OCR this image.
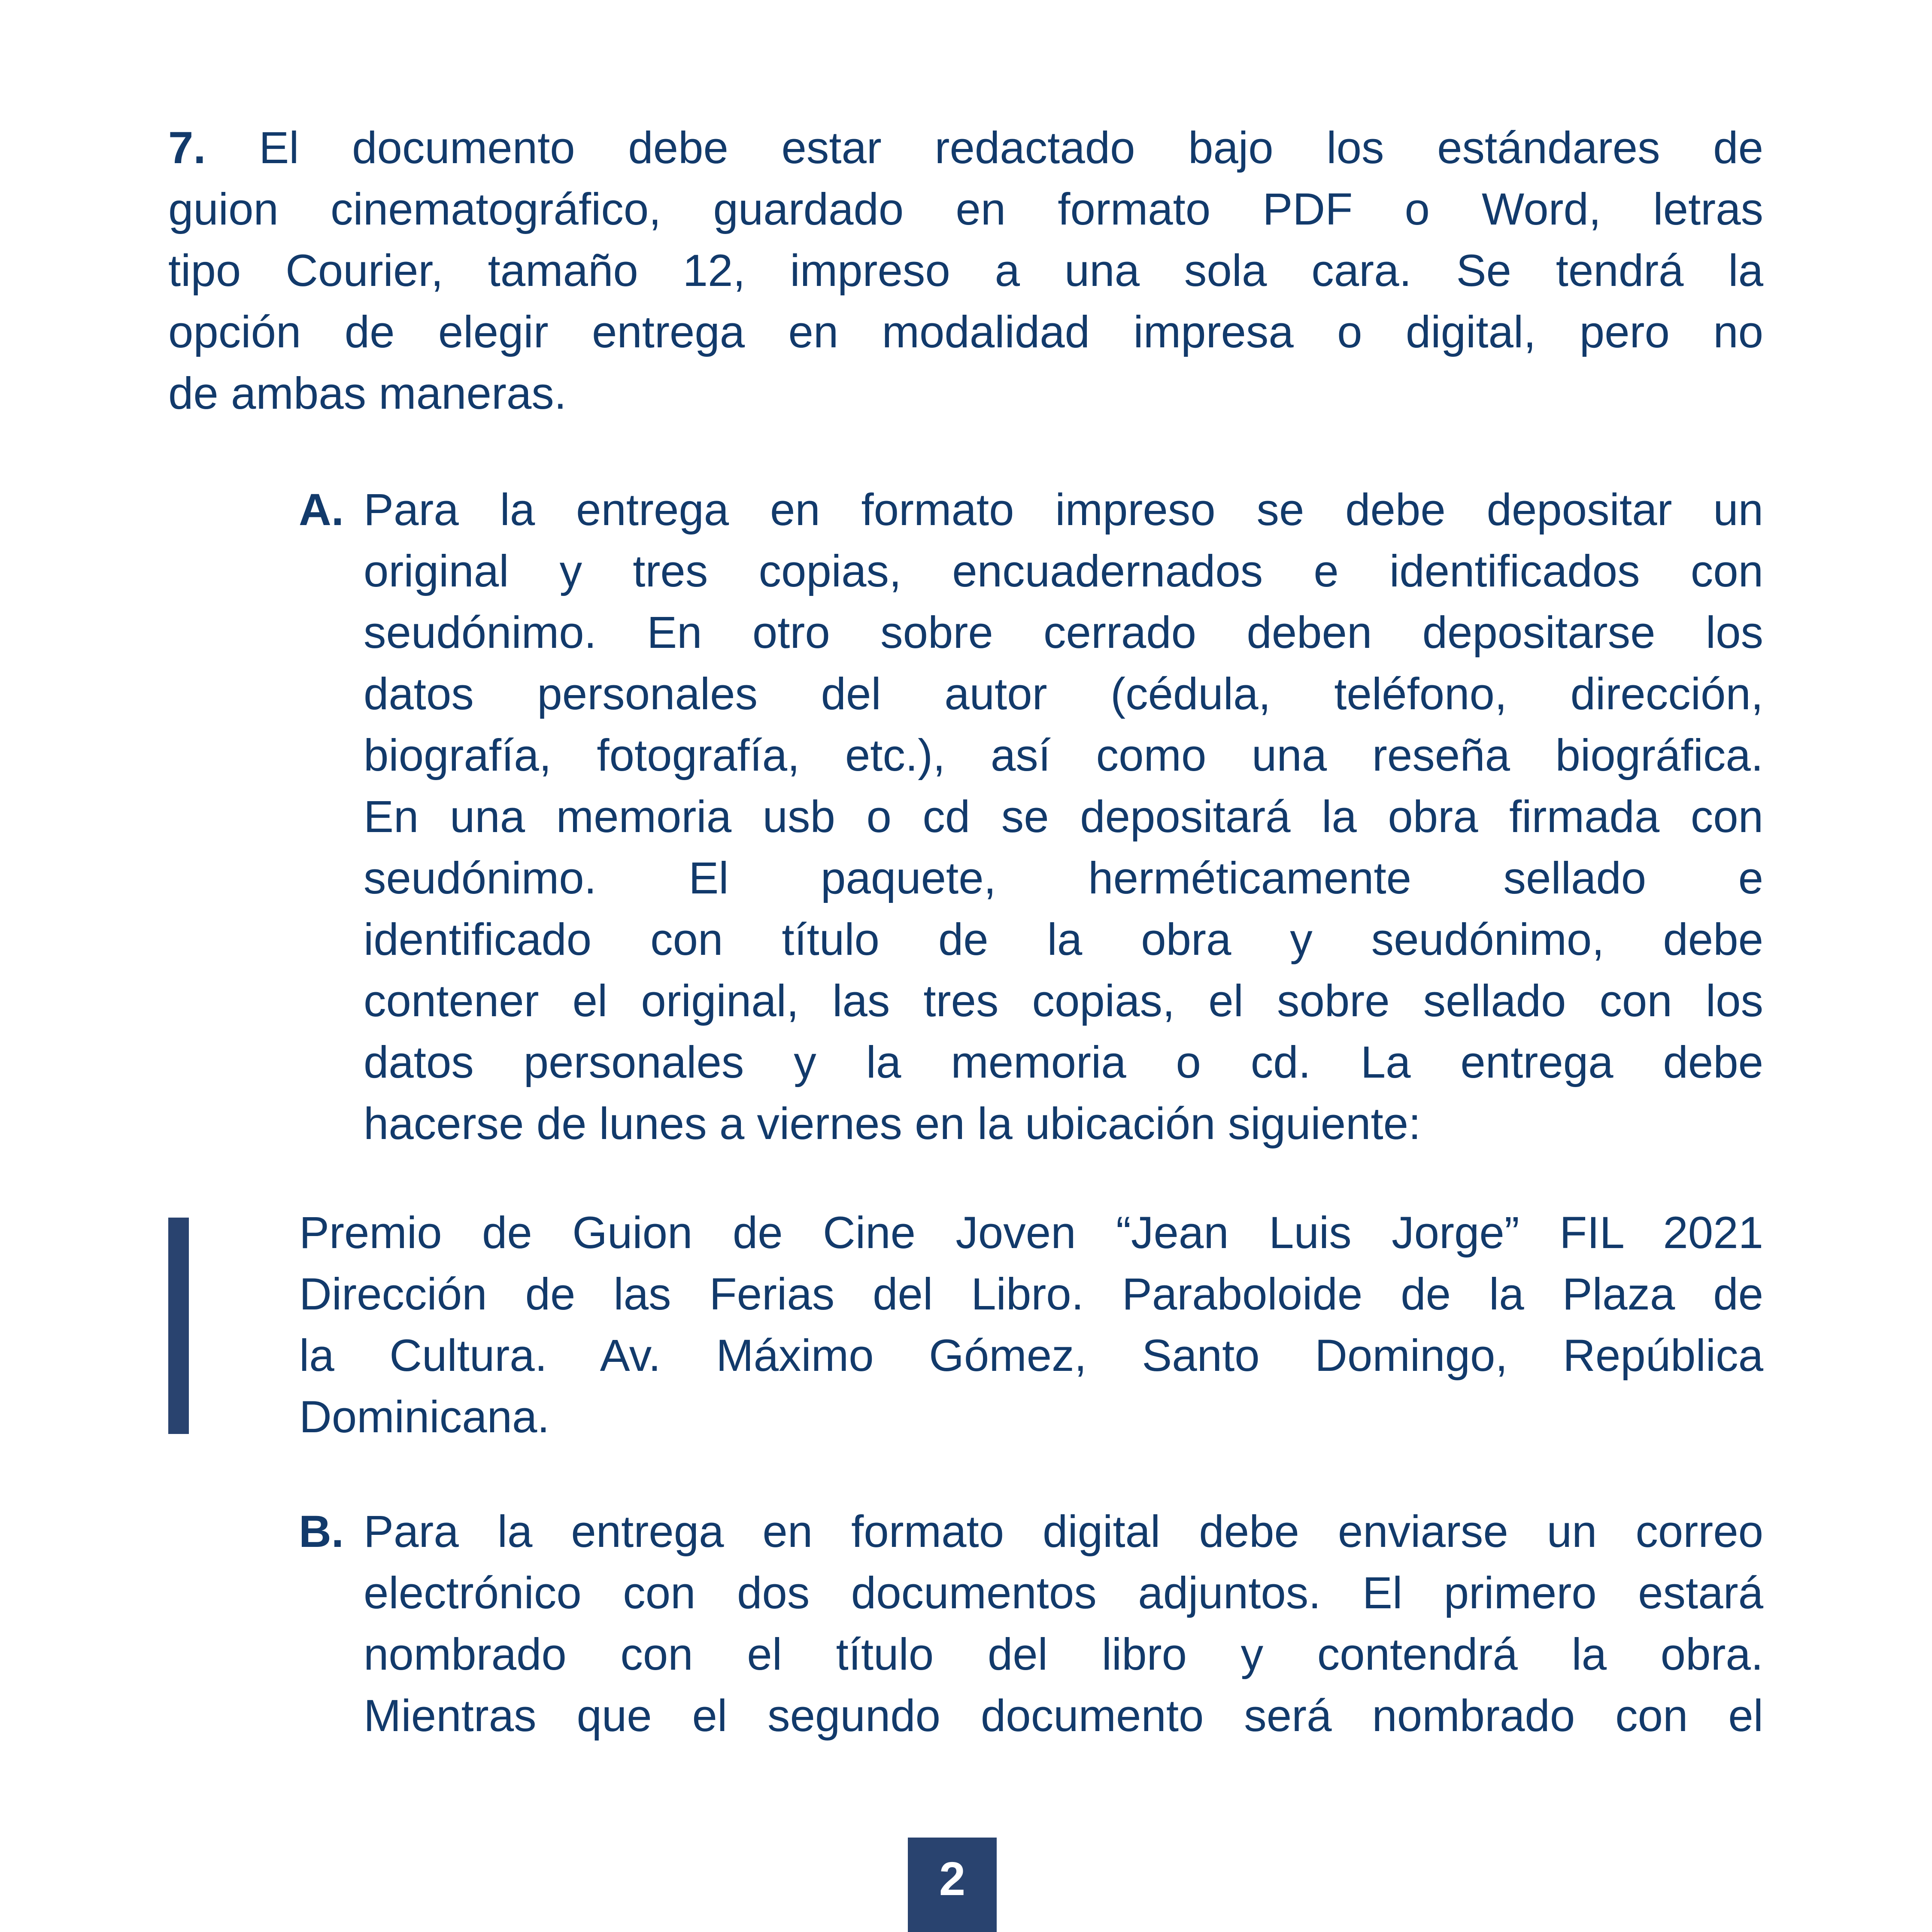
7. El documento debe estar redactado bajo los estándares de
guion cinematográfico, guardado en formato PDF o Word, letras
tipo Courier, tamaño 12, impreso a una sola cara. Se tendrá la
opción de elegir entrega en modalidad impresa o digital, pero no
de ambas maneras.
A. Para la entrega en formato impreso se debe depositar un
original y tres copias, encuadernados e identificados con
seudónimo. En otro sobre cerrado deben depositarse los
datos personales del autor (cédula, teléfono, dirección,
biografía, fotografía, etc.), así como una reseña biográfica.
En una memoria usb o cd se depositará la obra firmada con
seudónimo. El paquete, herméticamente sellado e
identificado con título de la obra y seudónimo, debe
contener el original, las tres copias, el sobre sellado con los
datos personales y la memoria o cd. La entrega debe
hacerse de lunes a viernes en la ubicación siguiente:
Premio de Guion de Cine Joven “Jean Luis Jorge” FIL 2021
Dirección de las Ferias del Libro. Paraboloide de la Plaza de
la Cultura. Av. Máximo Gómez, Santo Domingo, República
Dominicana.
B. Para la entrega en formato digital debe enviarse un correo
electrónico con dos documentos adjuntos. El primero estará
nombrado con el título del libro y contendrá la obra.
Mientras que el segundo documento será nombrado con el
2
